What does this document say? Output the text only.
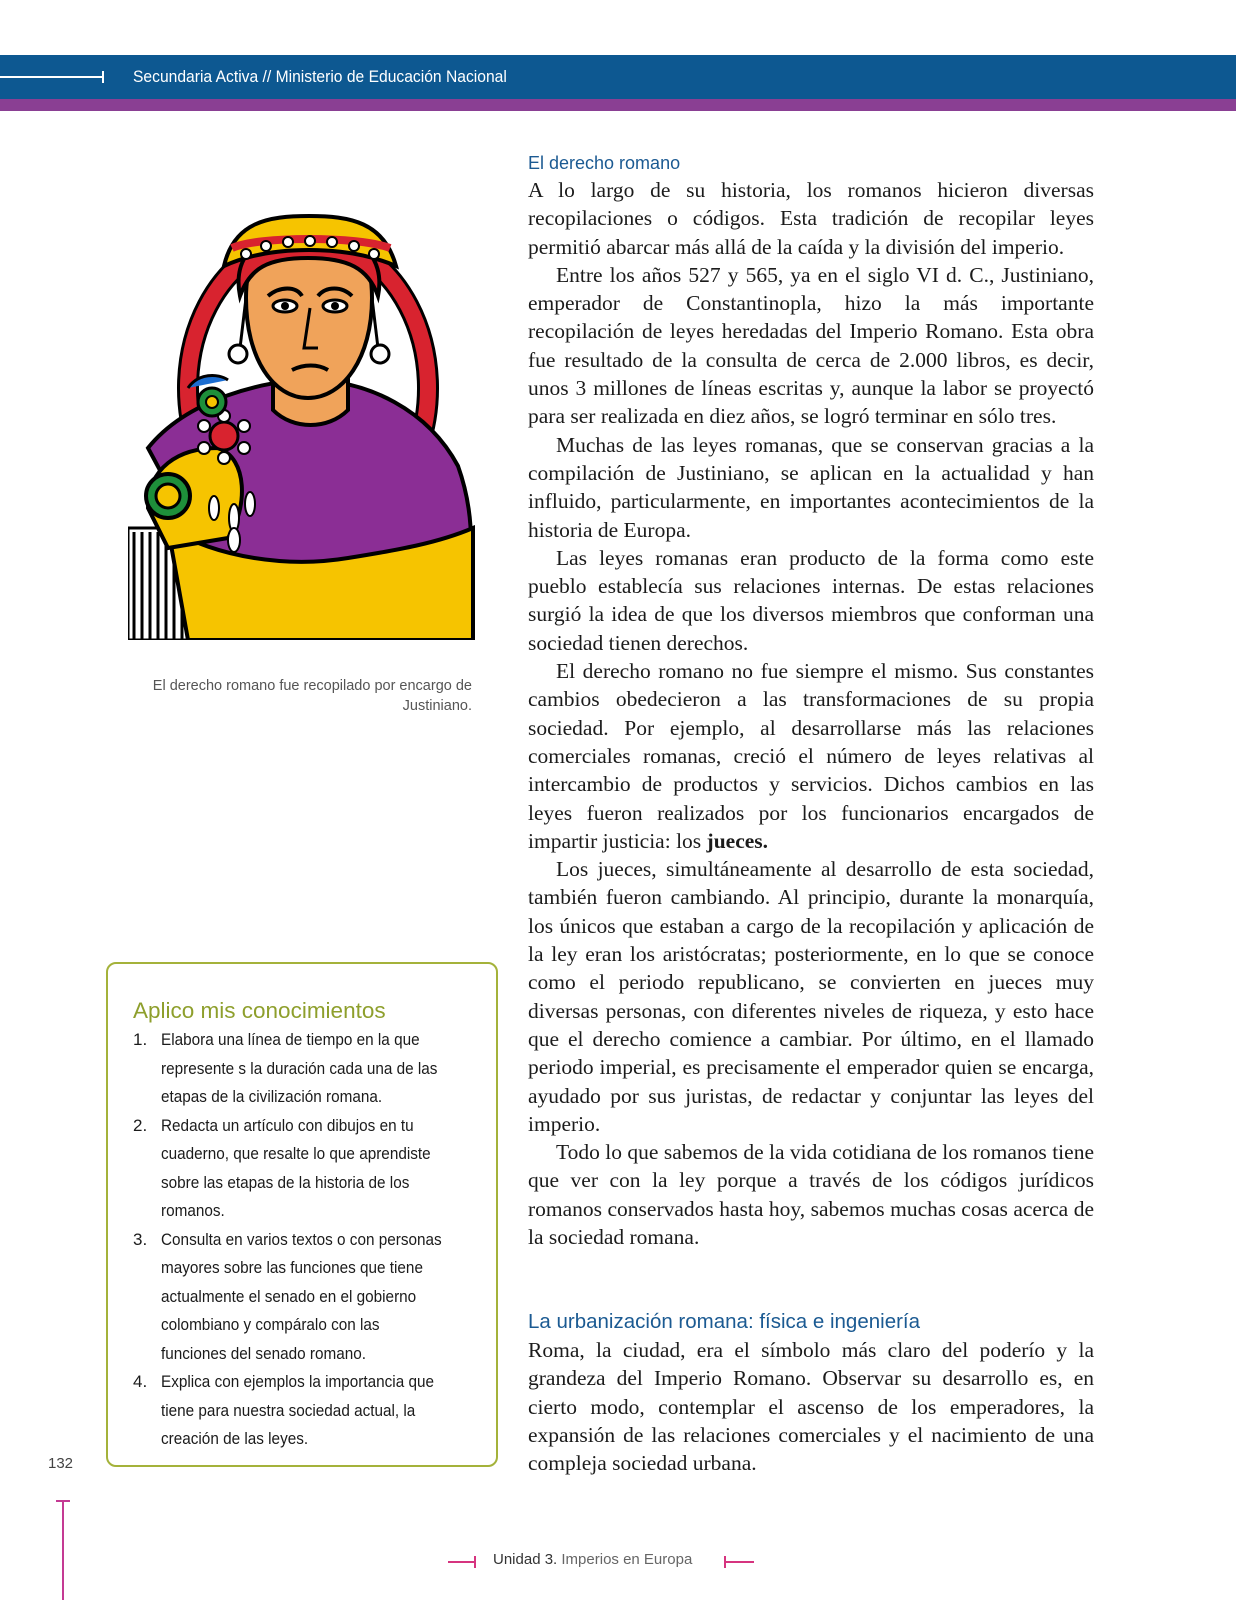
Secundaria Activa // Ministerio de Educación Nacional
El derecho romano fue recopilado por encargo de Justiniano.
Aplico mis conocimientos
1. Elabora una línea de tiempo en la que represente s la duración cada una de las etapas de la civilización romana.
2. Redacta un artículo con dibujos en tu cuaderno, que resalte lo que aprendiste sobre las etapas de la historia de los romanos.
3. Consulta en varios textos o con personas mayores sobre las funciones que tiene actualmente el senado en el gobierno colombiano y compáralo con las funciones del senado romano.
4. Explica con ejemplos la importancia que tiene para nuestra sociedad actual, la creación de las leyes.
132
El derecho romano

A lo largo de su historia, los romanos hicieron diversas recopilaciones o códigos. Esta tradición de recopilar leyes permitió abarcar más allá de la caída y la división del imperio.

Entre los años 527 y 565, ya en el siglo VI d. C., Justiniano, emperador de Constantinopla, hizo la más importante recopilación de leyes heredadas del Imperio Romano. Esta obra fue resultado de la consulta de cerca de 2.000 libros, es decir, unos 3 millones de líneas escritas y, aunque la labor se proyectó para ser realizada en diez años, se logró terminar en sólo tres.

Muchas de las leyes romanas, que se conservan gracias a la compilación de Justiniano, se aplican en la actualidad y han influido, particularmente, en importantes acontecimientos de la historia de Europa.

Las leyes romanas eran producto de la forma como este pueblo establecía sus relaciones internas. De estas relaciones surgió la idea de que los diversos miembros que conforman una sociedad tienen derechos.

El derecho romano no fue siempre el mismo. Sus constantes cambios obedecieron a las transformaciones de su propia sociedad. Por ejemplo, al desarrollarse más las relaciones comerciales romanas, creció el número de leyes relativas al intercambio de productos y servicios. Dichos cambios en las leyes fueron realizados por los funcionarios encargados de impartir justicia: los jueces.

Los jueces, simultáneamente al desarrollo de esta sociedad, también fueron cambiando. Al principio, durante la monarquía, los únicos que estaban a cargo de la recopilación y aplicación de la ley eran los aristócratas; posteriormente, en lo que se conoce como el periodo republicano, se convierten en jueces muy diversas personas, con diferentes niveles de riqueza, y esto hace que el derecho comience a cambiar. Por último, en el llamado periodo imperial, es precisamente el emperador quien se encarga, ayudado por sus juristas, de redactar y conjuntar las leyes del imperio.

Todo lo que sabemos de la vida cotidiana de los romanos tiene que ver con la ley porque a través de los códigos jurídicos romanos conservados hasta hoy, sabemos muchas cosas acerca de la sociedad romana.

La urbanización romana: física e ingeniería

Roma, la ciudad, era el símbolo más claro del poderío y la grandeza del Imperio Romano. Observar su desarrollo es, en cierto modo, contemplar el ascenso de los emperadores, la expansión de las relaciones comerciales y el nacimiento de una compleja sociedad urbana.

Unidad 3. Imperios en Europa
